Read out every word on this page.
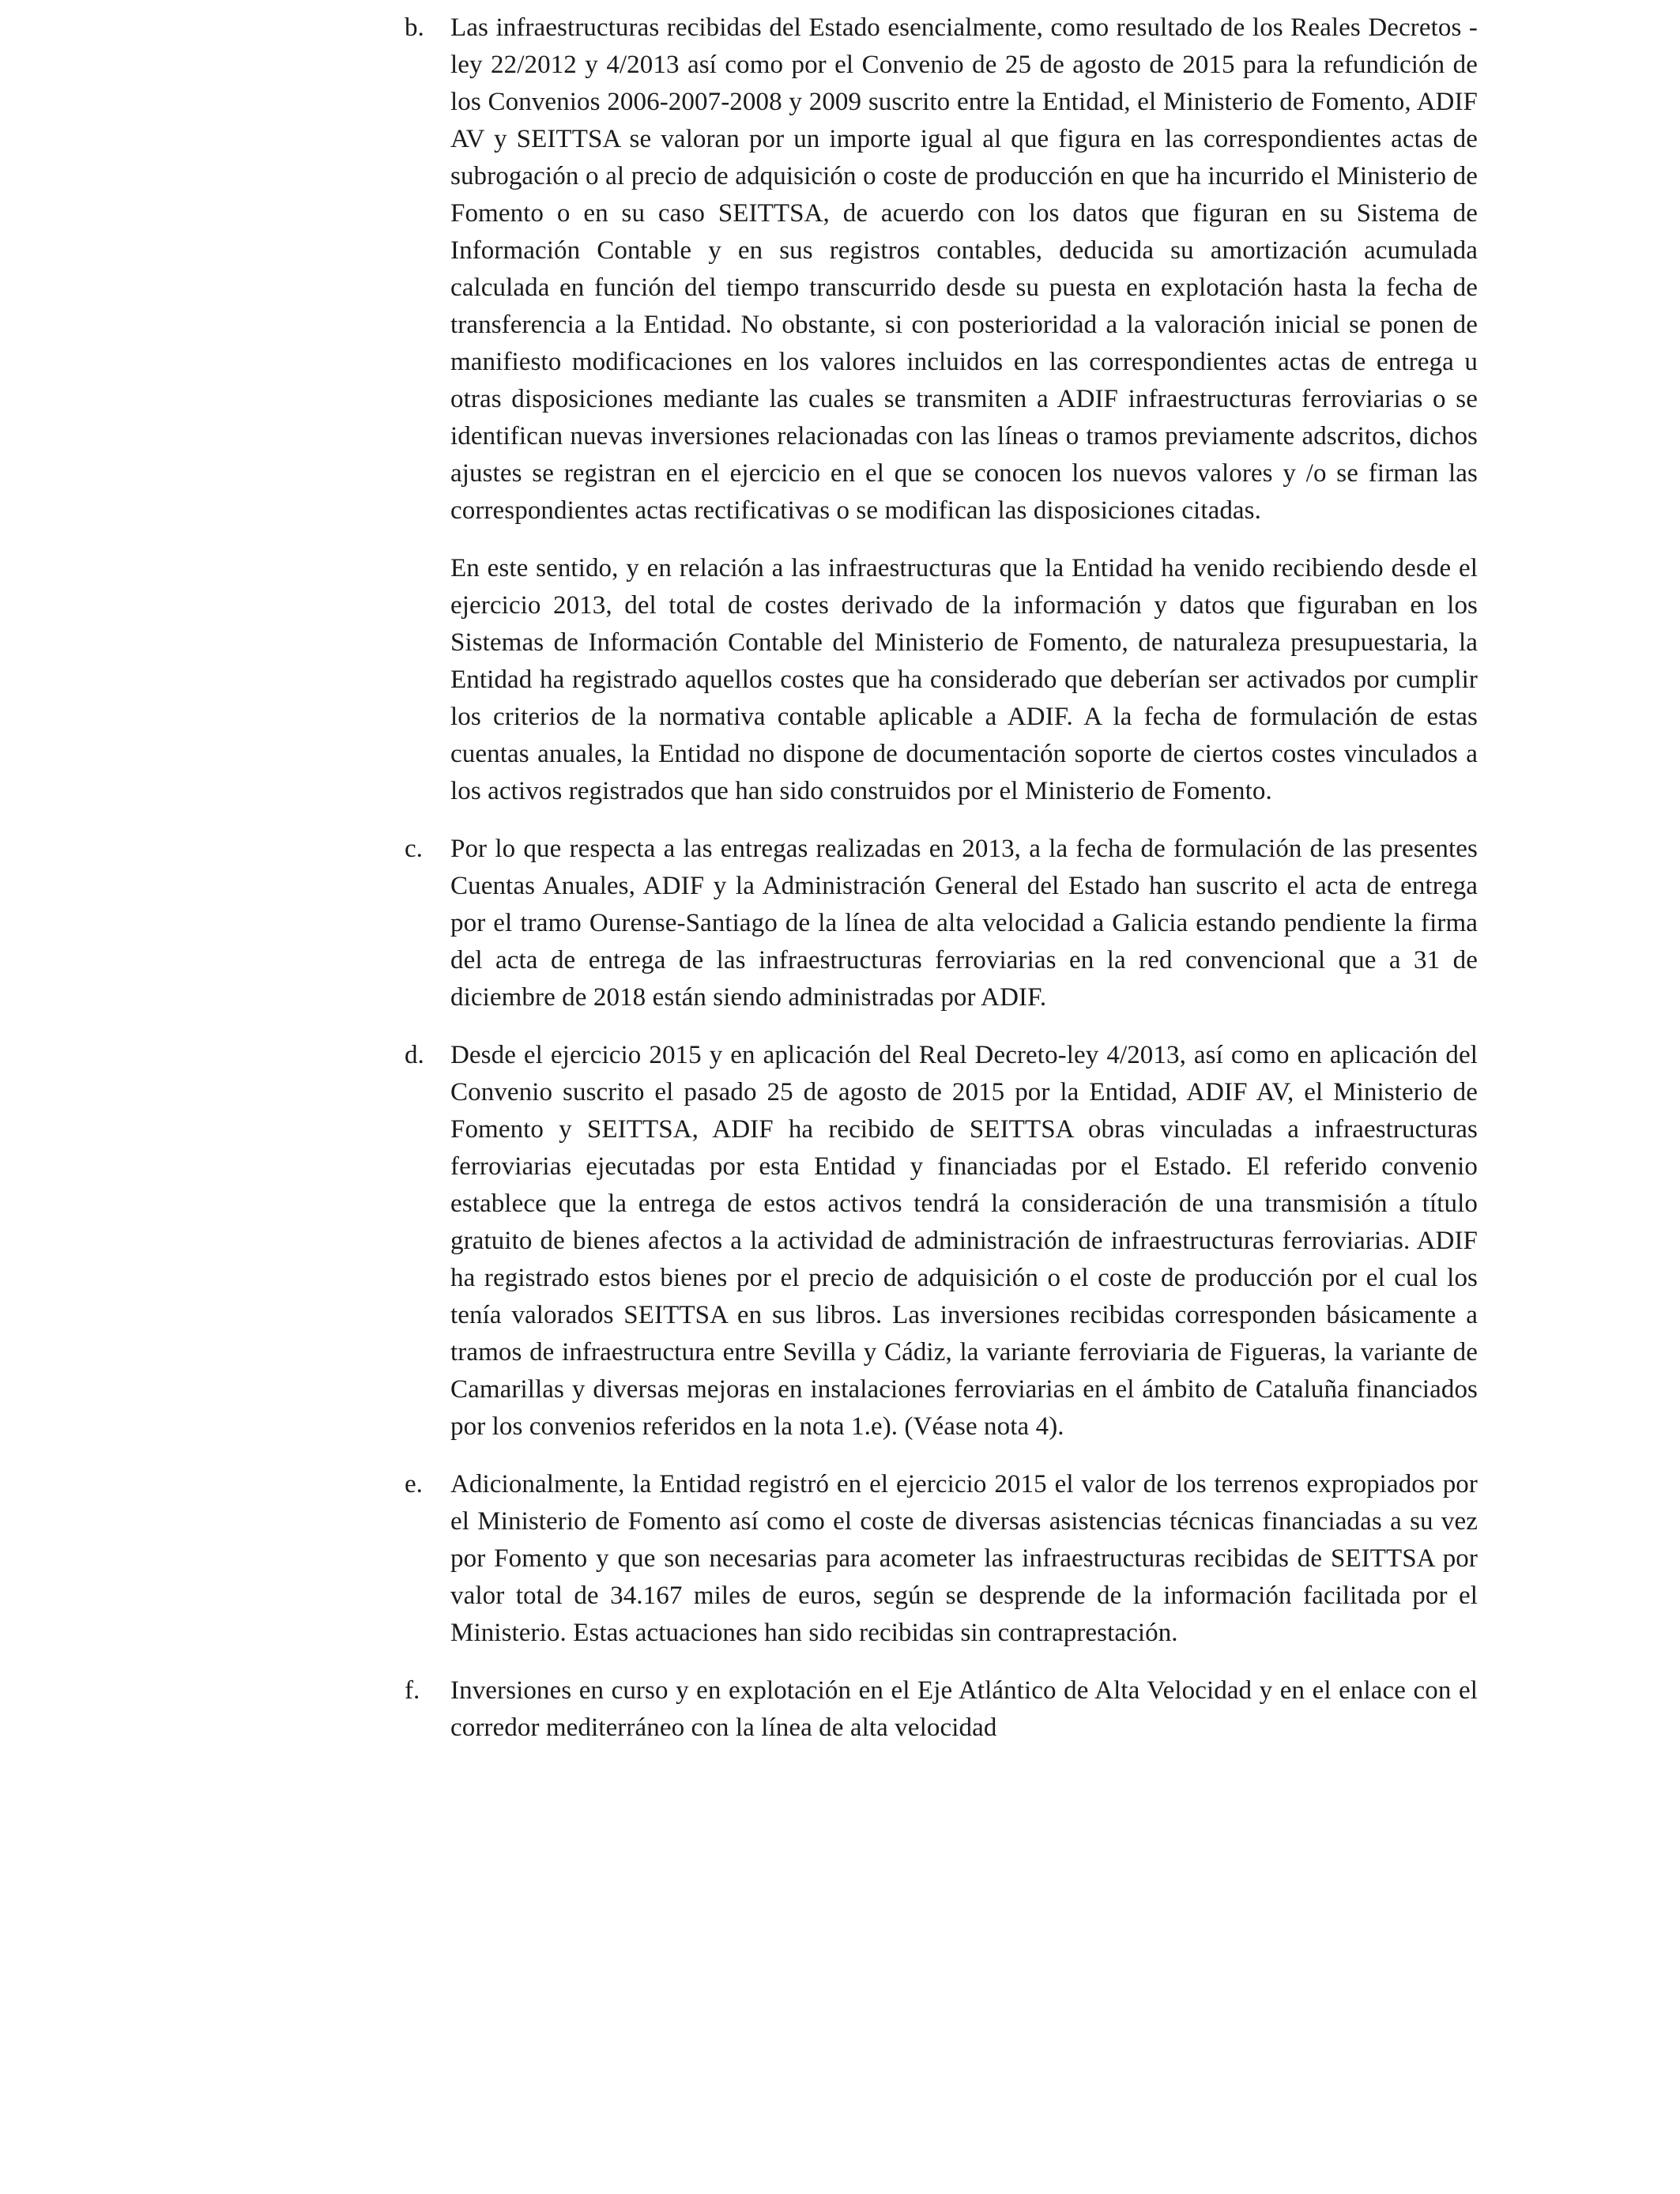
b.	Las infraestructuras recibidas del Estado esencialmente, como resultado de los Reales Decretos - ley 22/2012 y 4/2013 así como por el Convenio de 25 de agosto de 2015 para la refundición de los Convenios 2006-2007-2008 y 2009 suscrito entre la Entidad, el Ministerio de Fomento, ADIF AV y SEITTSA se valoran por un importe igual al que figura en las correspondientes actas de subrogación o al precio de adquisición o coste de producción en que ha incurrido el Ministerio de Fomento o en su caso SEITTSA, de acuerdo con los datos que figuran en su Sistema de Información Contable y en sus registros contables, deducida su amortización acumulada calculada en función del tiempo transcurrido desde su puesta en explotación hasta la fecha de transferencia a la Entidad. No obstante, si con posterioridad a la valoración inicial se ponen de manifiesto modificaciones en los valores incluidos en las correspondientes actas de entrega u otras disposiciones mediante las cuales se transmiten a ADIF infraestructuras ferroviarias o se identifican nuevas inversiones relacionadas con las líneas o tramos previamente adscritos, dichos ajustes se registran en el ejercicio en el que se conocen los nuevos valores y /o se firman las correspondientes actas rectificativas o se modifican las disposiciones citadas.

En este sentido, y en relación a las infraestructuras que la Entidad ha venido recibiendo desde el ejercicio 2013, del total de costes derivado de la información y datos que figuraban en los Sistemas de Información Contable del Ministerio de Fomento, de naturaleza presupuestaria, la Entidad ha registrado aquellos costes que ha considerado que deberían ser activados por cumplir los criterios de la normativa contable aplicable a ADIF. A la fecha de formulación de estas cuentas anuales, la Entidad no dispone de documentación soporte de ciertos costes vinculados a los activos registrados que han sido construidos por el Ministerio de Fomento.

c.	Por lo que respecta a las entregas realizadas en 2013, a la fecha de formulación de las presentes Cuentas Anuales, ADIF y la Administración General del Estado han suscrito el acta de entrega por el tramo Ourense-Santiago de la línea de alta velocidad a Galicia estando pendiente la firma del acta de entrega de las infraestructuras ferroviarias en la red convencional que a 31 de diciembre de 2018 están siendo administradas por ADIF.

d.	Desde el ejercicio 2015 y en aplicación del Real Decreto-ley 4/2013, así como en aplicación del Convenio suscrito el pasado 25 de agosto de 2015 por la Entidad, ADIF AV, el Ministerio de Fomento y SEITTSA, ADIF ha recibido de SEITTSA obras vinculadas a infraestructuras ferroviarias ejecutadas por esta Entidad y financiadas por el Estado. El referido convenio establece que la entrega de estos activos tendrá la consideración de una transmisión a título gratuito de bienes afectos a la actividad de administración de infraestructuras ferroviarias. ADIF ha registrado estos bienes por el precio de adquisición o el coste de producción por el cual los tenía valorados SEITTSA en sus libros. Las inversiones recibidas corresponden básicamente a tramos de infraestructura entre Sevilla y Cádiz, la variante ferroviaria de Figueras, la variante de Camarillas y diversas mejoras en instalaciones ferroviarias en el ámbito de Cataluña financiados por los convenios referidos en la nota 1.e). (Véase nota 4).

e.	Adicionalmente, la Entidad registró en el ejercicio 2015 el valor de los terrenos expropiados por el Ministerio de Fomento así como el coste de diversas asistencias técnicas financiadas a su vez por Fomento y que son necesarias para acometer las infraestructuras recibidas de SEITTSA por valor total de 34.167 miles de euros, según se desprende de la información facilitada por el Ministerio. Estas actuaciones han sido recibidas sin contraprestación.

f.	Inversiones en curso y en explotación en el Eje Atlántico de Alta Velocidad y en el enlace con el corredor mediterráneo con la línea de alta velocidad
